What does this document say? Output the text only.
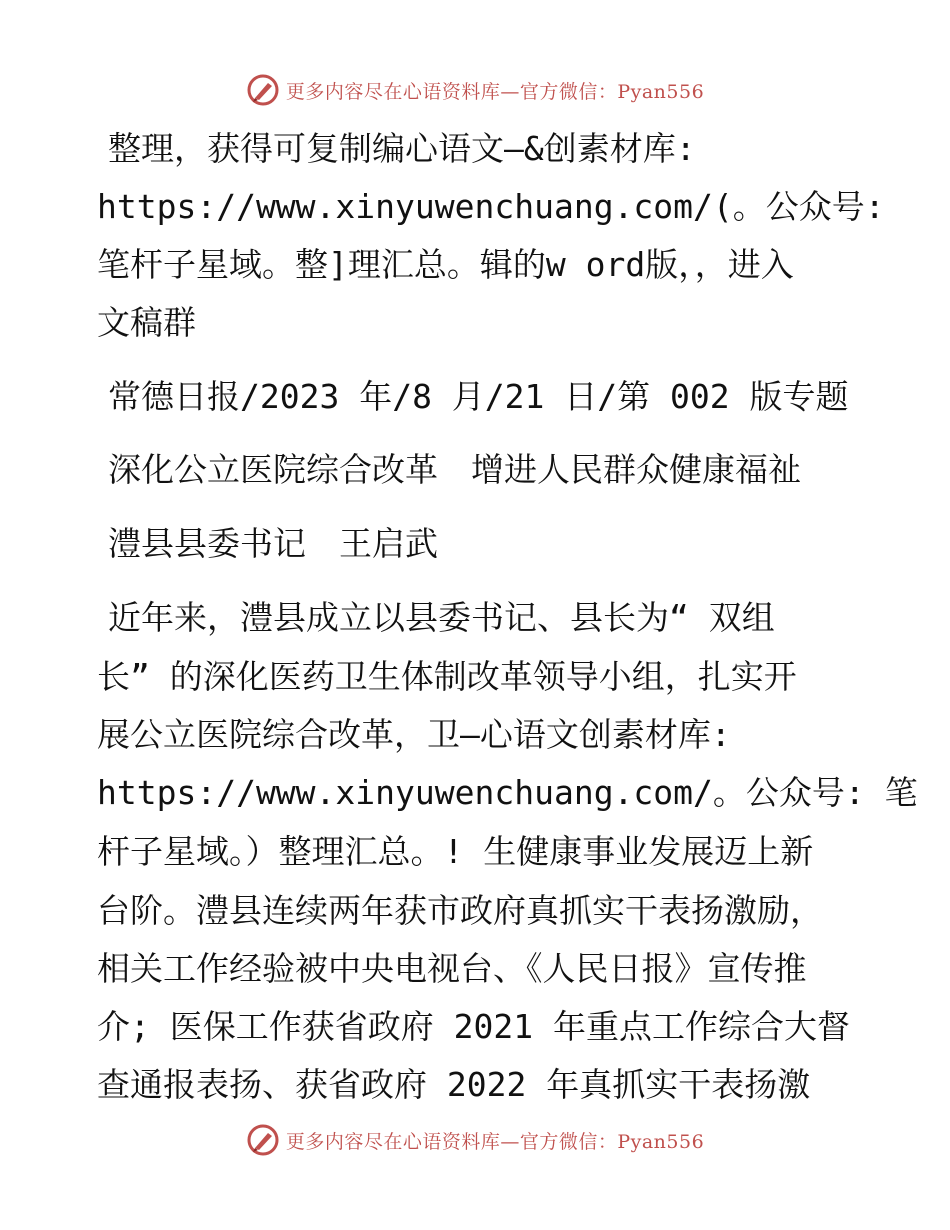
更多内容尽在心语资料库—官方微信：Pyan556
整理，获得可复制编心语文—&创素材库:
https://www.xinyuwenchuang.com/(。公众号:
笔杆子星域。整]理汇总。辑的w ord版，，进入
文稿群
常德日报/2023 年/8 月/21 日/第 002 版专题
深化公立医院综合改革　增进人民群众健康福祉
澧县县委书记　王启武
近年来，澧县成立以县委书记、县长为“ 双组
长” 的深化医药卫生体制改革领导小组，扎实开
展公立医院综合改革，卫—心语文创素材库:
https://www.xinyuwenchuang.com/。公众号: 笔
杆子星域。）整理汇总。! 生健康事业发展迈上新
台阶。澧县连续两年获市政府真抓实干表扬激励，
相关工作经验被中央电视台、《人民日报》宣传推
介; 医保工作获省政府 2021 年重点工作综合大督
查通报表扬、获省政府 2022 年真抓实干表扬激
更多内容尽在心语资料库—官方微信：Pyan556
